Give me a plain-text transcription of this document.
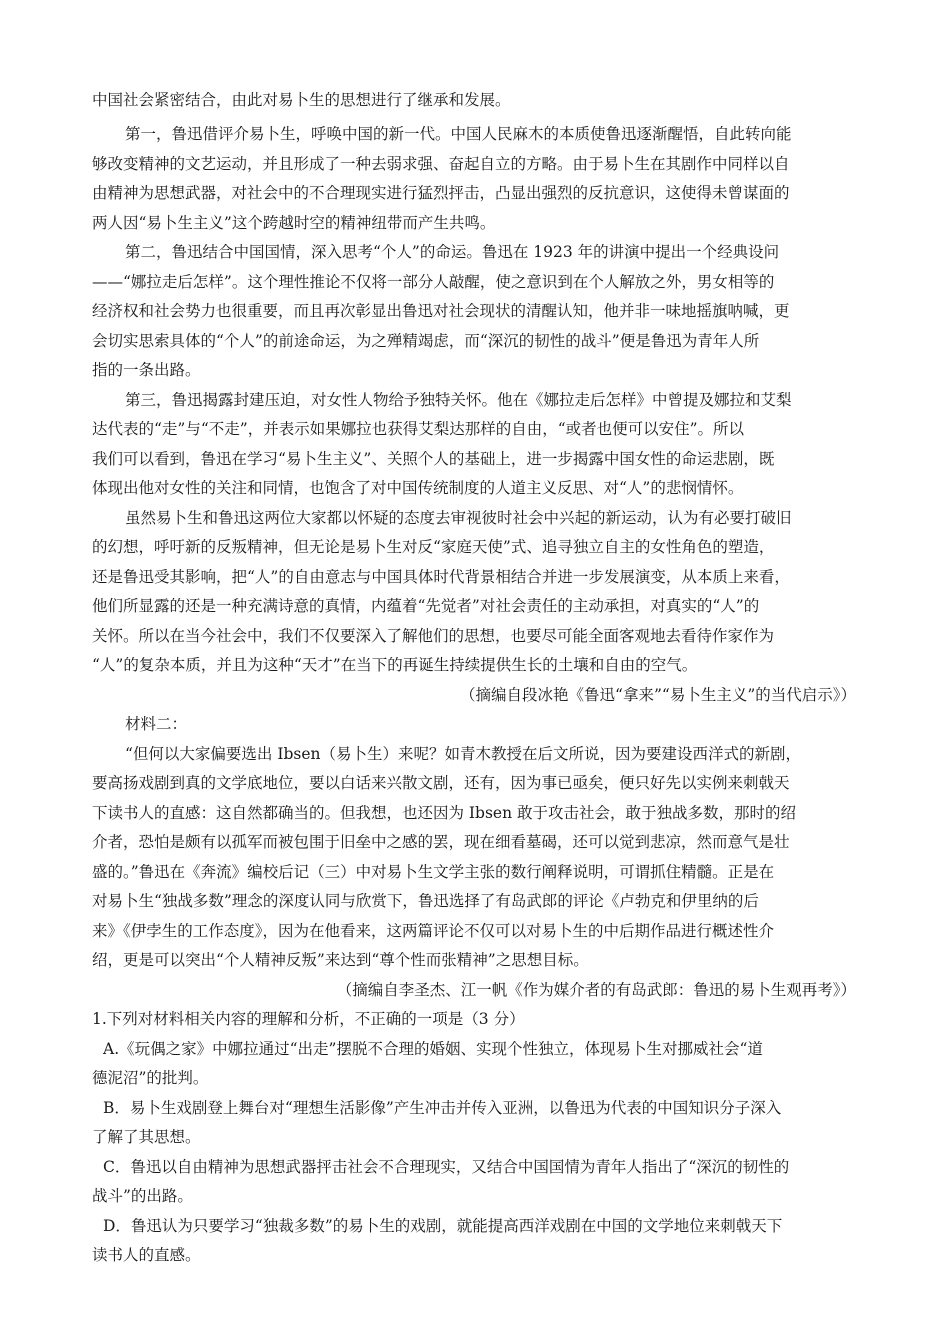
中国社会紧密结合，由此对易卜生的思想进行了继承和发展。
第一，鲁迅借评介易卜生，呼唤中国的新一代。中国人民麻木的本质使鲁迅逐渐醒悟，自此转向能
够改变精神的文艺运动，并且形成了一种去弱求强、奋起自立的方略。由于易卜生在其剧作中同样以自
由精神为思想武器，对社会中的不合理现实进行猛烈抨击，凸显出强烈的反抗意识，这使得未曾谋面的
两人因“易卜生主义”这个跨越时空的精神纽带而产生共鸣。
第二，鲁迅结合中国国情，深入思考“个人”的命运。鲁迅在 1923 年的讲演中提出一个经典设问
——“娜拉走后怎样”。这个理性推论不仅将一部分人敲醒，使之意识到在个人解放之外，男女相等的
经济权和社会势力也很重要，而且再次彰显出鲁迅对社会现状的清醒认知，他并非一味地摇旗呐喊，更
会切实思索具体的“个人”的前途命运，为之殚精竭虑，而“深沉的韧性的战斗”便是鲁迅为青年人所
指的一条出路。
第三，鲁迅揭露封建压迫，对女性人物给予独特关怀。他在《娜拉走后怎样》中曾提及娜拉和艾梨
达代表的“走”与“不走”，并表示如果娜拉也获得艾梨达那样的自由，“或者也便可以安住”。所以
我们可以看到，鲁迅在学习“易卜生主义”、关照个人的基础上，进一步揭露中国女性的命运悲剧，既
体现出他对女性的关注和同情，也饱含了对中国传统制度的人道主义反思、对“人”的悲悯情怀。
虽然易卜生和鲁迅这两位大家都以怀疑的态度去审视彼时社会中兴起的新运动，认为有必要打破旧
的幻想，呼吁新的反叛精神，但无论是易卜生对反“家庭天使”式、追寻独立自主的女性角色的塑造，
还是鲁迅受其影响，把“人”的自由意志与中国具体时代背景相结合并进一步发展演变，从本质上来看，
他们所显露的还是一种充满诗意的真情，内蕴着“先觉者”对社会责任的主动承担，对真实的“人”的
关怀。所以在当今社会中，我们不仅要深入了解他们的思想，也要尽可能全面客观地去看待作家作为
“人”的复杂本质，并且为这种“天才”在当下的再诞生持续提供生长的土壤和自由的空气。
（摘编自段冰艳《鲁迅“拿来”“易卜生主义”的当代启示》）
材料二：
“但何以大家偏要选出 Ibsen（易卜生）来呢？如青木教授在后文所说，因为要建设西洋式的新剧，
要高扬戏剧到真的文学底地位，要以白话来兴散文剧，还有，因为事已亟矣，便只好先以实例来刺戟天
下读书人的直感：这自然都确当的。但我想，也还因为 Ibsen 敢于攻击社会，敢于独战多数，那时的绍
介者，恐怕是颇有以孤军而被包围于旧垒中之感的罢，现在细看墓碣，还可以觉到悲凉，然而意气是壮
盛的。”鲁迅在《奔流》编校后记（三）中对易卜生文学主张的数行阐释说明，可谓抓住精髓。正是在
对易卜生“独战多数”理念的深度认同与欣赏下，鲁迅选择了有岛武郎的评论《卢勃克和伊里纳的后
来》《伊孛生的工作态度》，因为在他看来，这两篇评论不仅可以对易卜生的中后期作品进行概述性介
绍，更是可以突出“个人精神反叛”来达到“尊个性而张精神”之思想目标。
（摘编自李圣杰、江一帆《作为媒介者的有岛武郎：鲁迅的易卜生观再考》）
1.下列对材料相关内容的理解和分析，不正确的一项是（3 分）
A.《玩偶之家》中娜拉通过“出走”摆脱不合理的婚姻、实现个性独立，体现易卜生对挪威社会“道
德泥沼”的批判。
B．易卜生戏剧登上舞台对“理想生活影像”产生冲击并传入亚洲，以鲁迅为代表的中国知识分子深入
了解了其思想。
C．鲁迅以自由精神为思想武器抨击社会不合理现实，又结合中国国情为青年人指出了“深沉的韧性的
战斗”的出路。
D．鲁迅认为只要学习“独裁多数”的易卜生的戏剧，就能提高西洋戏剧在中国的文学地位来刺戟天下
读书人的直感。
